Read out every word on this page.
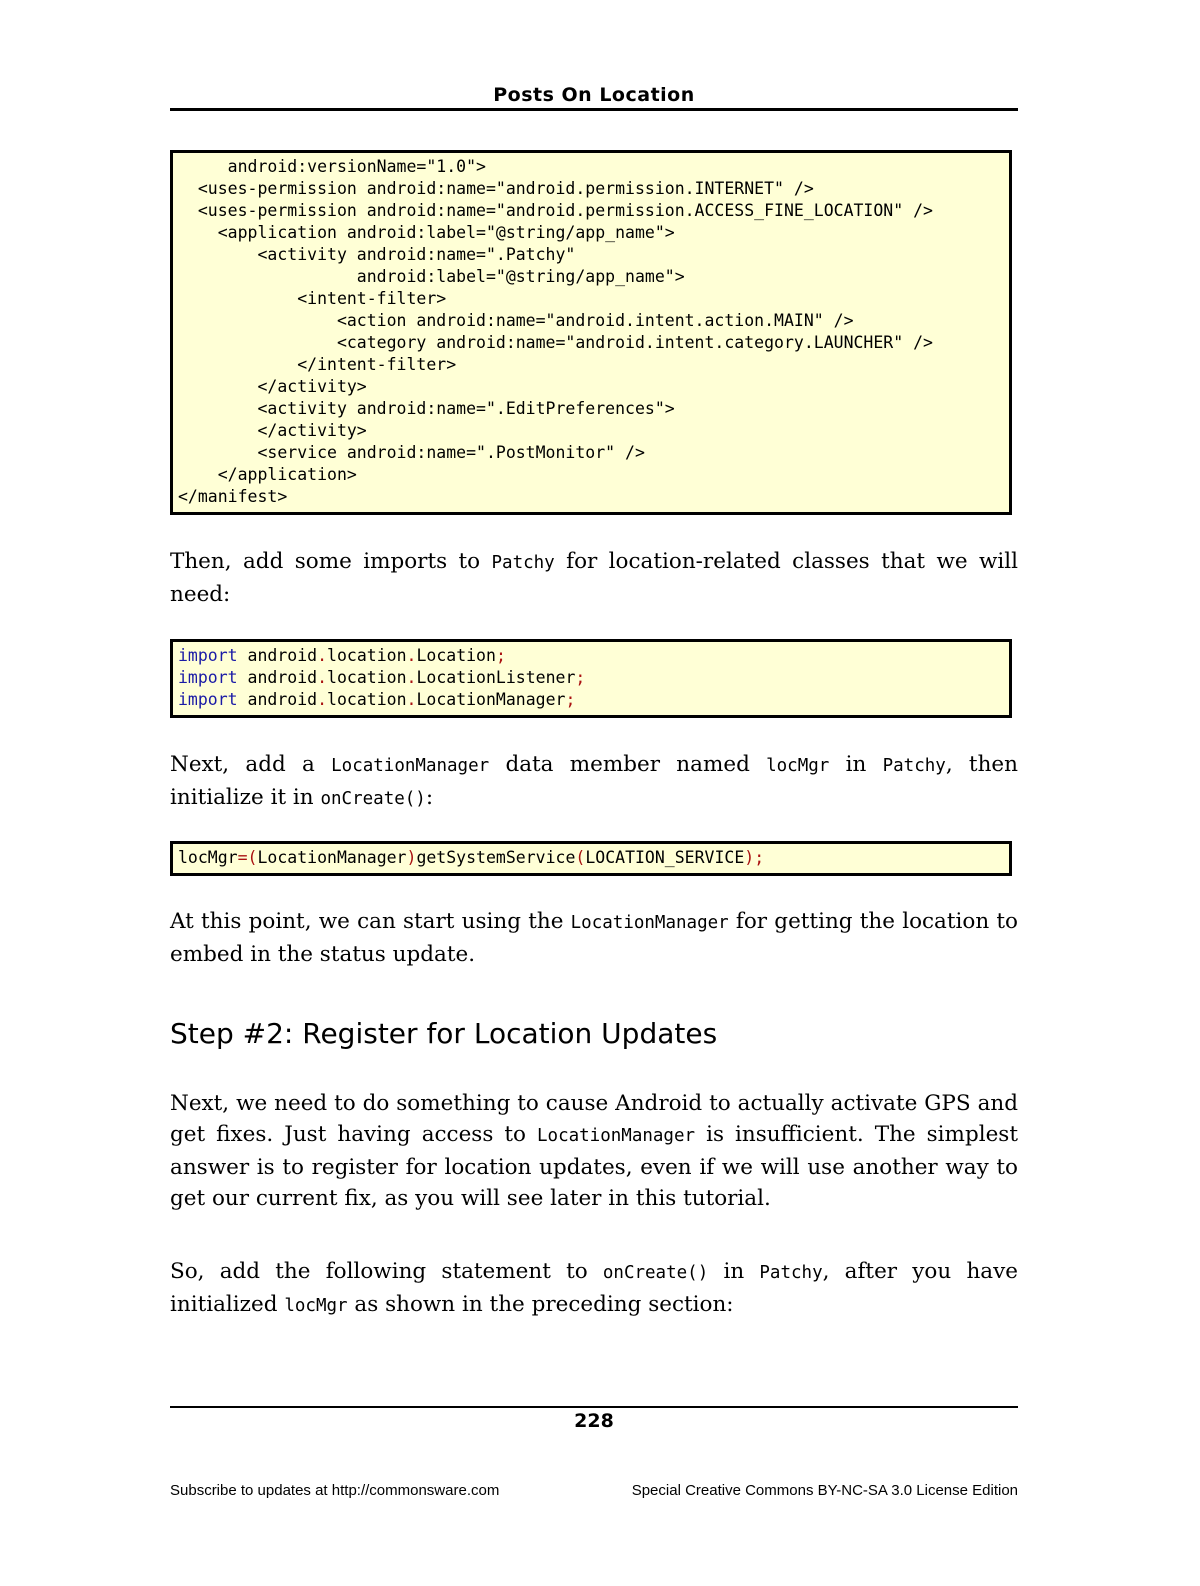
Posts On Location
android:versionName="1.0">
<uses-permission android:name="android.permission.INTERNET" />
<uses-permission android:name="android.permission.ACCESS_FINE_LOCATION" />
<application android:label="@string/app_name">
<activity android:name=".Patchy"
android:label="@string/app_name">
<intent-filter>
<action android:name="android.intent.action.MAIN" />
<category android:name="android.intent.category.LAUNCHER" />
</intent-filter>
</activity>
<activity android:name=".EditPreferences">
</activity>
<service android:name=".PostMonitor" />
</application>
</manifest>
Then, add some imports to Patchy for location-related classes that we will need:
import android.location.Location;
import android.location.LocationListener;
import android.location.LocationManager;
Next, add a LocationManager data member named locMgr in Patchy, then initialize it in onCreate():
locMgr=(LocationManager)getSystemService(LOCATION_SERVICE);
At this point, we can start using the LocationManager for getting the location to embed in the status update.
Step #2: Register for Location Updates
Next, we need to do something to cause Android to actually activate GPS and get fixes. Just having access to LocationManager is insufficient. The simplest answer is to register for location updates, even if we will use another way to get our current fix, as you will see later in this tutorial.
So, add the following statement to onCreate() in Patchy, after you have initialized locMgr as shown in the preceding section:
228
Subscribe to updates at http://commonsware.com	Special Creative Commons BY-NC-SA 3.0 License Edition
